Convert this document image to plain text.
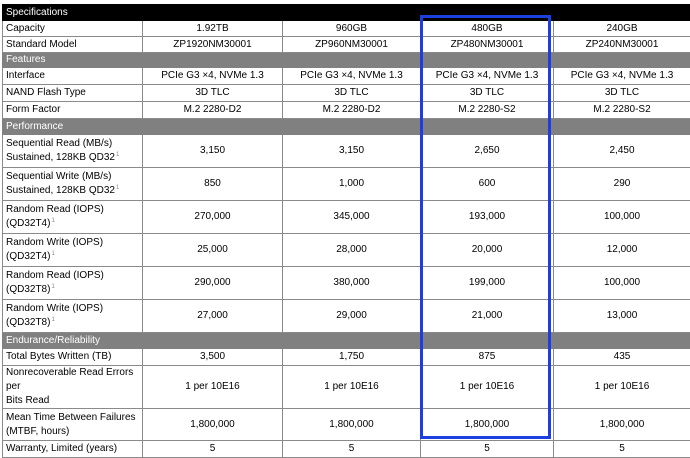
Specifications				
Capacity	1.92TB	960GB	480GB	240GB
Standard Model	ZP1920NM30001	ZP960NM30001	ZP480NM30001	ZP240NM30001
Features				
Interface	PCIe G3 ×4, NVMe 1.3	PCIe G3 ×4, NVMe 1.3	PCIe G3 ×4, NVMe 1.3	PCIe G3 ×4, NVMe 1.3
NAND Flash Type	3D TLC	3D TLC	3D TLC	3D TLC
Form Factor	M.2 2280-D2	M.2 2280-D2	M.2 2280-S2	M.2 2280-S2
Performance				
Sequential Read (MB/s)
Sustained, 128KB QD32$^1$	3,150	3,150	2,650	2,450
Sequential Write (MB/s)
Sustained, 128KB QD32$^1$	850	1,000	600	290
Random Read (IOPS)
(QD32T4)$^1$	270,000	345,000	193,000	100,000
Random Write (IOPS)
(QD32T4)$^1$	25,000	28,000	20,000	12,000
Random Read (IOPS)
(QD32T8)$^1$	290,000	380,000	199,000	100,000
Random Write (IOPS)
(QD32T8)$^1$	27,000	29,000	21,000	13,000
Endurance/Reliability				
Total Bytes Written (TB)	3,500	1,750	875	435
Nonrecoverable Read Errors per
Bits Read	1 per 10E16	1 per 10E16	1 per 10E16	1 per 10E16
Mean Time Between Failures
(MTBF, hours)	1,800,000	1,800,000	1,800,000	1,800,000
Warranty, Limited (years)	5	5	5	5
